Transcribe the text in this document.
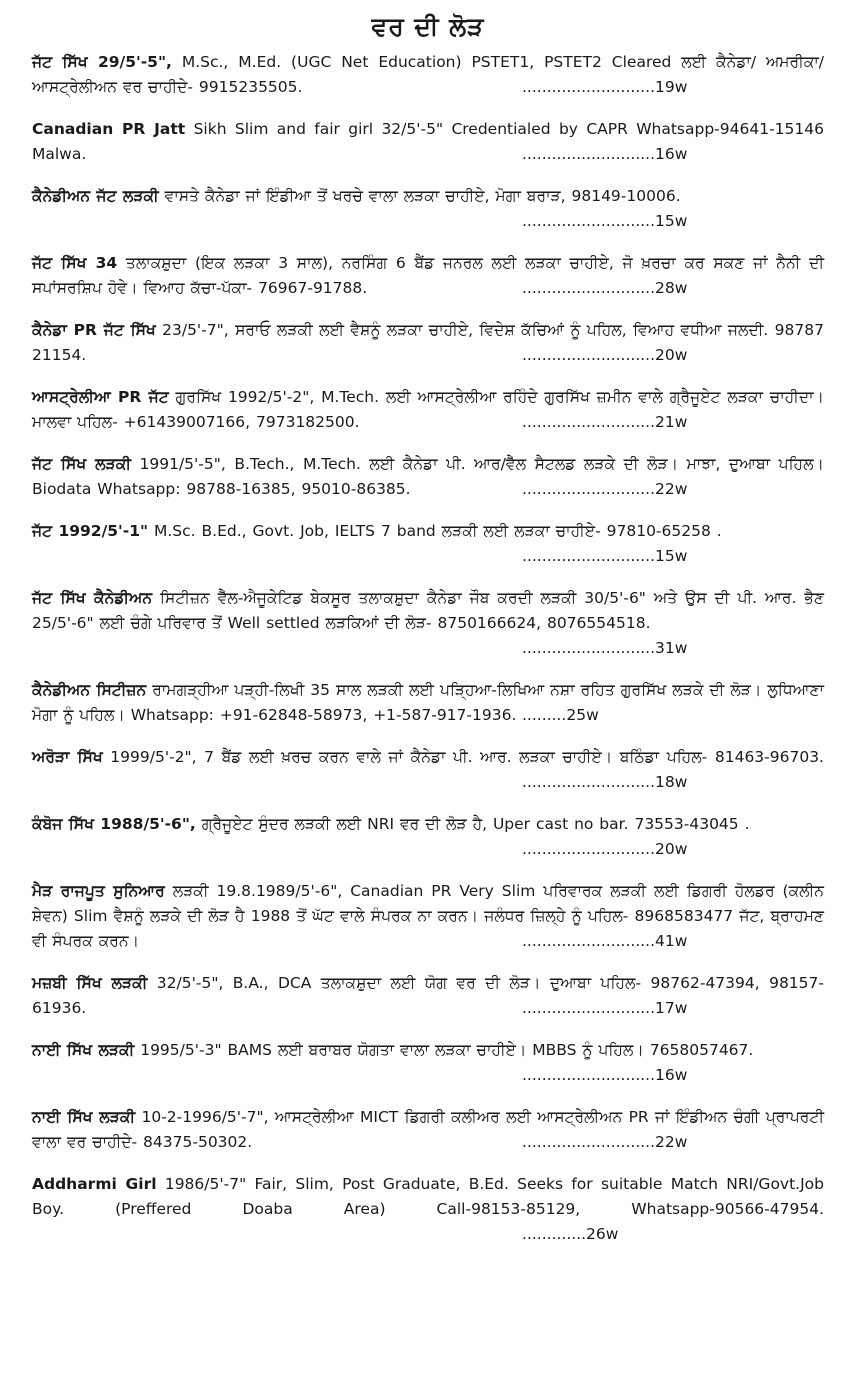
ਵਰ ਦੀ ਲੋੜ
ਜੱਟ ਸਿੱਖ 29/5'-5", M.Sc., M.Ed. (UGC Net Education) PSTET1, PSTET2 Cleared ਲਈ ਕੈਨੇਡਾ/ ਅਮਰੀਕਾ/ ਆਸਟ੍ਰੇਲੀਅਨ ਵਰ ਚਾਹੀਦੇ- 9915235505.	...........................19w
Canadian PR Jatt Sikh Slim and fair girl 32/5'-5" Credentialed by CAPR Whatsapp-94641-15146 Malwa.	...........................16w
ਕੈਨੇਡੀਅਨ ਜੱਟ ਲੜਕੀ ਵਾਸਤੇ ਕੈਨੇਡਾ ਜਾਂ ਇੰਡੀਆ ਤੋਂ ਖਰਚੇ ਵਾਲਾ ਲੜਕਾ ਚਾਹੀਏ, ਮੋਗਾ ਬਰਾੜ, 98149-10006.
...........................15w
ਜੱਟ ਸਿੱਖ 34 ਤਲਾਕਸ਼ੁਦਾ (ਇਕ ਲੜਕਾ 3 ਸਾਲ), ਨਰਸਿੰਗ 6 ਬੈਂਡ ਜਨਰਲ ਲਈ ਲੜਕਾ ਚਾਹੀਏ, ਜੋ ਖ਼ਰਚਾ ਕਰ ਸਕਣ ਜਾਂ ਨੈਨੀ ਦੀ ਸਪਾਂਸਰਸ਼ਿਪ ਹੋਵੇ। ਵਿਆਹ ਕੱਚਾ-ਪੱਕਾ- 76967-91788.	...........................28w
ਕੈਨੇਡਾ PR ਜੱਟ ਸਿੱਖ 23/5'-7", ਸਰਾਓ ਲੜਕੀ ਲਈ ਵੈਸ਼ਨੂੰ ਲੜਕਾ ਚਾਹੀਏ, ਵਿਦੇਸ਼ ਕੱਚਿਆਂ ਨੂੰ ਪਹਿਲ, ਵਿਆਹ ਵਧੀਆ ਜਲਦੀ. 98787 21154.	...........................20w
ਆਸਟ੍ਰੇਲੀਆ PR ਜੱਟ ਗੁਰਸਿੱਖ 1992/5'-2", M.Tech. ਲਈ ਆਸਟ੍ਰੇਲੀਆ ਰਹਿੰਦੇ ਗੁਰਸਿੱਖ ਜ਼ਮੀਨ ਵਾਲੇ ਗ੍ਰੈਜੂਏਟ ਲੜਕਾ ਚਾਹੀਦਾ। ਮਾਲਵਾ ਪਹਿਲ- +61439007166, 7973182500.	...........................21w
ਜੱਟ ਸਿੱਖ ਲੜਕੀ 1991/5'-5", B.Tech., M.Tech. ਲਈ ਕੈਨੇਡਾ ਪੀ. ਆਰ/ਵੈੱਲ ਸੈਟਲਡ ਲੜਕੇ ਦੀ ਲੋੜ। ਮਾਝਾ, ਦੁਆਬਾ ਪਹਿਲ। Biodata Whatsapp: 98788-16385, 95010-86385.	...........................22w
ਜੱਟ 1992/5'-1" M.Sc. B.Ed., Govt. Job, IELTS 7 band ਲੜਕੀ ਲਈ ਲੜਕਾ ਚਾਹੀਏ- 97810-65258 .
...........................15w
ਜੱਟ ਸਿੱਖ ਕੈਨੇਡੀਅਨ ਸਿਟੀਜ਼ਨ ਵੈੱਲ-ਐਜੂਕੇਟਿਡ ਬੇਕਸੂਰ ਤਲਾਕਸ਼ੁਦਾ ਕੈਨੇਡਾ ਜੌਬ ਕਰਦੀ ਲੜਕੀ 30/5'-6" ਅਤੇ ਉਸ ਦੀ ਪੀ. ਆਰ. ਭੈਣ 25/5'-6" ਲਈ ਚੰਗੇ ਪਰਿਵਾਰ ਤੋਂ Well settled ਲੜਕਿਆਂ ਦੀ ਲੋੜ- 8750166624, 8076554518.
...........................31w
ਕੈਨੇਡੀਅਨ ਸਿਟੀਜ਼ਨ ਰਾਮਗੜ੍ਹੀਆ ਪੜ੍ਹੀ-ਲਿਖੀ 35 ਸਾਲ ਲੜਕੀ ਲਈ ਪੜ੍ਹਿਆ-ਲਿਖਿਆ ਨਸ਼ਾ ਰਹਿਤ ਗੁਰਸਿੱਖ ਲੜਕੇ ਦੀ ਲੋੜ। ਲੁਧਿਆਣਾ ਮੋਗਾ ਨੂੰ ਪਹਿਲ। Whatsapp: +91-62848-58973, +1-587-917-1936. .........25w
ਅਰੋੜਾ ਸਿੱਖ 1999/5'-2", 7 ਬੈਂਡ ਲਈ ਖ਼ਰਚ ਕਰਨ ਵਾਲੇ ਜਾਂ ਕੈਨੇਡਾ ਪੀ. ਆਰ. ਲੜਕਾ ਚਾਹੀਏ। ਬਠਿੰਡਾ ਪਹਿਲ- 81463-96703.
...........................18w
ਕੰਬੋਜ ਸਿੱਖ 1988/5'-6", ਗ੍ਰੈਜੂਏਟ ਸੁੰਦਰ ਲੜਕੀ ਲਈ NRI ਵਰ ਦੀ ਲੋੜ ਹੈ, Uper cast no bar. 73553-43045 .
...........................20w
ਮੈੜ ਰਾਜਪੂਤ ਸੁਨਿਆਰ ਲੜਕੀ 19.8.1989/5'-6", Canadian PR Very Slim ਪਰਿਵਾਰਕ ਲੜਕੀ ਲਈ ਡਿਗਰੀ ਹੋਲਡਰ (ਕਲੀਨ ਸ਼ੇਵਨ) Slim ਵੈਸ਼ਨੂੰ ਲੜਕੇ ਦੀ ਲੋੜ ਹੈ 1988 ਤੋਂ ਘੱਟ ਵਾਲੇ ਸੰਪਰਕ ਨਾ ਕਰਨ। ਜਲੰਧਰ ਜ਼ਿਲ੍ਹੇ ਨੂੰ ਪਹਿਲ- 8968583477 ਜੱਟ, ਬ੍ਰਾਹਮਣ ਵੀ ਸੰਪਰਕ ਕਰਨ।	...........................41w
ਮਜ਼ਬੀ ਸਿੱਖ ਲੜਕੀ 32/5'-5", B.A., DCA ਤਲਾਕਸ਼ੁਦਾ ਲਈ ਯੋਗ ਵਰ ਦੀ ਲੋੜ। ਦੁਆਬਾ ਪਹਿਲ- 98762-47394, 98157-61936.	...........................17w
ਨਾਈ ਸਿੱਖ ਲੜਕੀ 1995/5'-3" BAMS ਲਈ ਬਰਾਬਰ ਯੋਗਤਾ ਵਾਲਾ ਲੜਕਾ ਚਾਹੀਏ। MBBS ਨੂੰ ਪਹਿਲ। 7658057467.
...........................16w
ਨਾਈ ਸਿੱਖ ਲੜਕੀ 10-2-1996/5'-7", ਆਸਟ੍ਰੇਲੀਆ MICT ਡਿਗਰੀ ਕਲੀਅਰ ਲਈ ਆਸਟ੍ਰੇਲੀਅਨ PR ਜਾਂ ਇੰਡੀਅਨ ਚੰਗੀ ਪ੍ਰਾਪਰਟੀ ਵਾਲਾ ਵਰ ਚਾਹੀਦੇ- 84375-50302.	...........................22w
Addharmi Girl 1986/5'-7" Fair, Slim, Post Graduate, B.Ed. Seeks for suitable Match NRI/Govt.Job Boy. (Preffered Doaba Area) Call-98153-85129, Whatsapp-90566-47954.
.............26w
